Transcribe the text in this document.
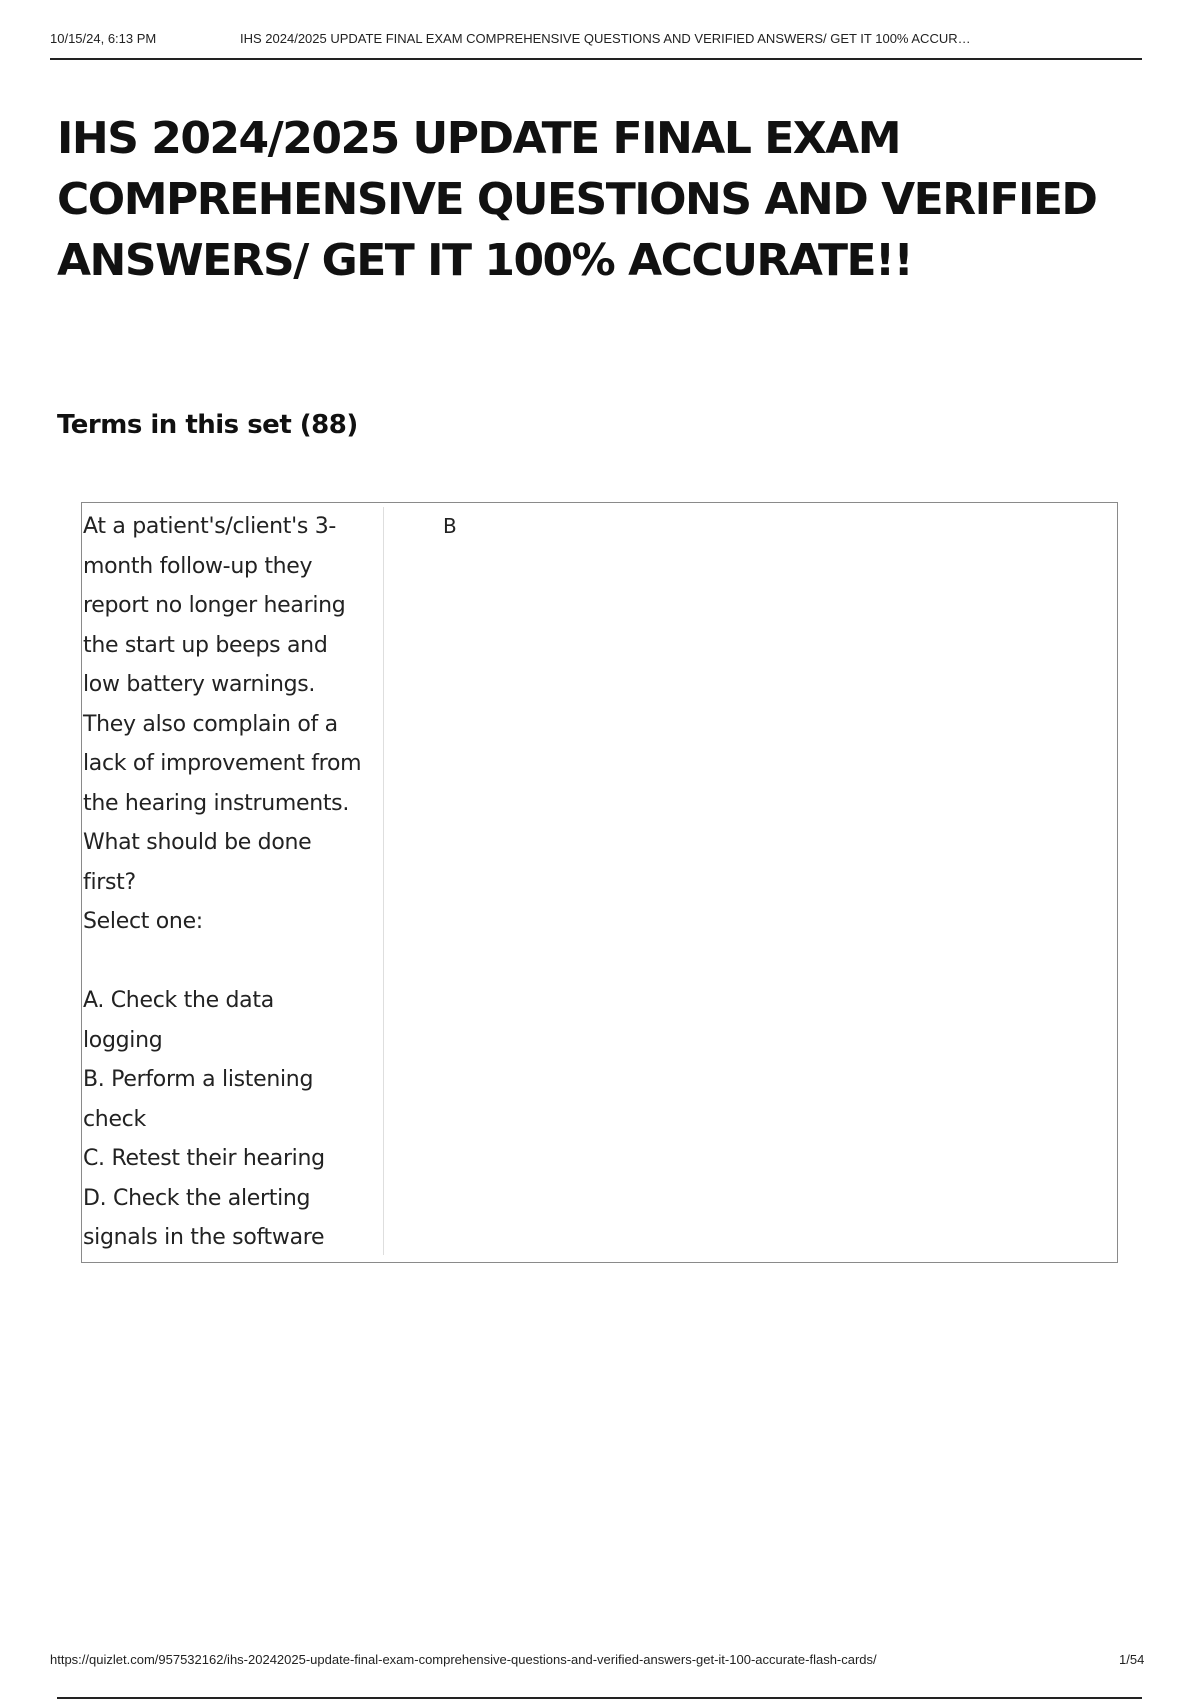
10/15/24, 6:13 PM	IHS 2024/2025 UPDATE FINAL EXAM COMPREHENSIVE QUESTIONS AND VERIFIED ANSWERS/ GET IT 100% ACCUR…
IHS 2024/2025 UPDATE FINAL EXAM COMPREHENSIVE QUESTIONS AND VERIFIED ANSWERS/ GET IT 100% ACCURATE!!
Terms in this set (88)
At a patient's/client's 3-
month follow-up they
report no longer hearing
the start up beeps and
low battery warnings.
They also complain of a
lack of improvement from
the hearing instruments.
What should be done
first?
Select one:

A. Check the data
logging
B. Perform a listening
check
C. Retest their hearing
D. Check the alerting
signals in the software
B
https://quizlet.com/957532162/ihs-20242025-update-final-exam-comprehensive-questions-and-verified-answers-get-it-100-accurate-flash-cards/	1/54
